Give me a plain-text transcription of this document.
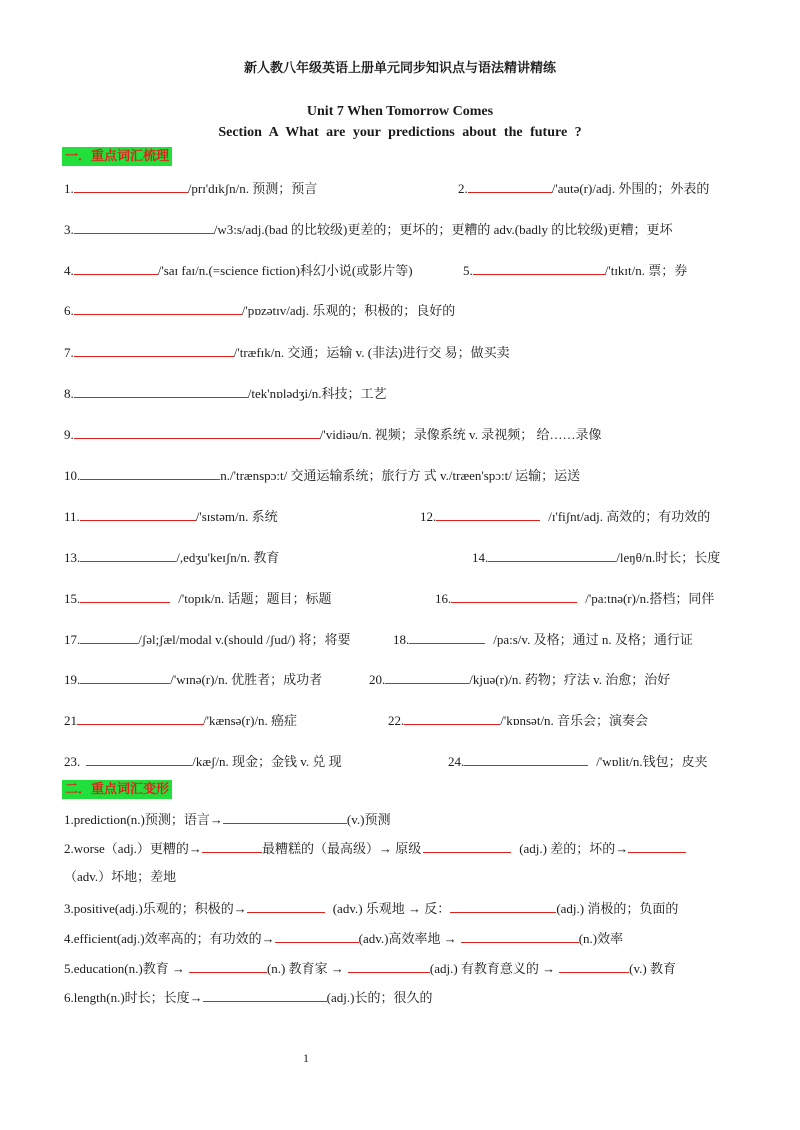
新人教八年级英语上册单元同步知识点与语法精讲精练
Unit 7 When Tomorrow Comes
Section A What are your predictions about the future ?
一．重点词汇梳理
1.	/prɪ'dɪkʃn/n. 预测；预言	2.	/'autə(r)/adj. 外围的；外表的
3.	/w3:s/adj.(bad 的比较级)更差的；更坏的；更糟的 adv.(badly 的比较级)更糟；更坏
4.	/'saɪ faɪ/n.(=science fiction)科幻小说(或影片等)	5.	/'tɪkɪt/n. 票；券
6.	/'pɒzətɪv/adj. 乐观的；积极的；良好的
7.	/'træfɪk/n. 交通；运输 v. (非法)进行交 易；做买卖
8.	/tek'nɒlədʒi/n.科技；工艺
9.	/'vidiəu/n. 视频；录像系统 v. 录视频； 给……录像
10.	n./'trænspɔ:t/ 交通运输系统；旅行方 式 v./træen'spɔ:t/ 运输；运送
11.	/'sɪstəm/n. 系统	12.	/ɪ'fiʃnt/adj. 高效的；有功效的
13.	/,edʒu'keɪʃn/n. 教育	14.	/leŋθ/n.时长；长度
15.	/'topɪk/n. 话题；题目；标题	16.	/'pa:tnə(r)/n.搭档；同伴
17.	/ʃəl;ʃæl/modal v.(should /ʃud/) 将；将要	18.	/pa:s/v. 及格；通过 n. 及格；通行证
19.	/'wɪnə(r)/n. 优胜者；成功者	20.	/kjuə(r)/n. 药物；疗法 v. 治愈；治好
21	/'kænsə(r)/n. 癌症	22.	/'kɒnsət/n. 音乐会；演奏会
23.	/kæʃ/n. 现金；金钱 v. 兑 现	24.	/'wɒlit/n.钱包；皮夹
二．重点词汇变形
1.prediction(n.)预测；语言→	(v.)预测
2.worse（adj.）更糟的→	最糟糕的（最高级）→ 原级	(adj.) 差的；坏的→
（adv.）坏地；差地
3.positive(adj.)乐观的；积极的→	(adv.) 乐观地 → 反：	(adj.) 消极的；负面的
4.efficient(adj.)效率高的；有功效的→	(adv.)高效率地 →	(n.)效率
5.education(n.)教育 →	(n.) 教育家 →	(adj.) 有教育意义的 →	(v.) 教育
6.length(n.)时长；长度→	(adj.)长的；很久的
1
